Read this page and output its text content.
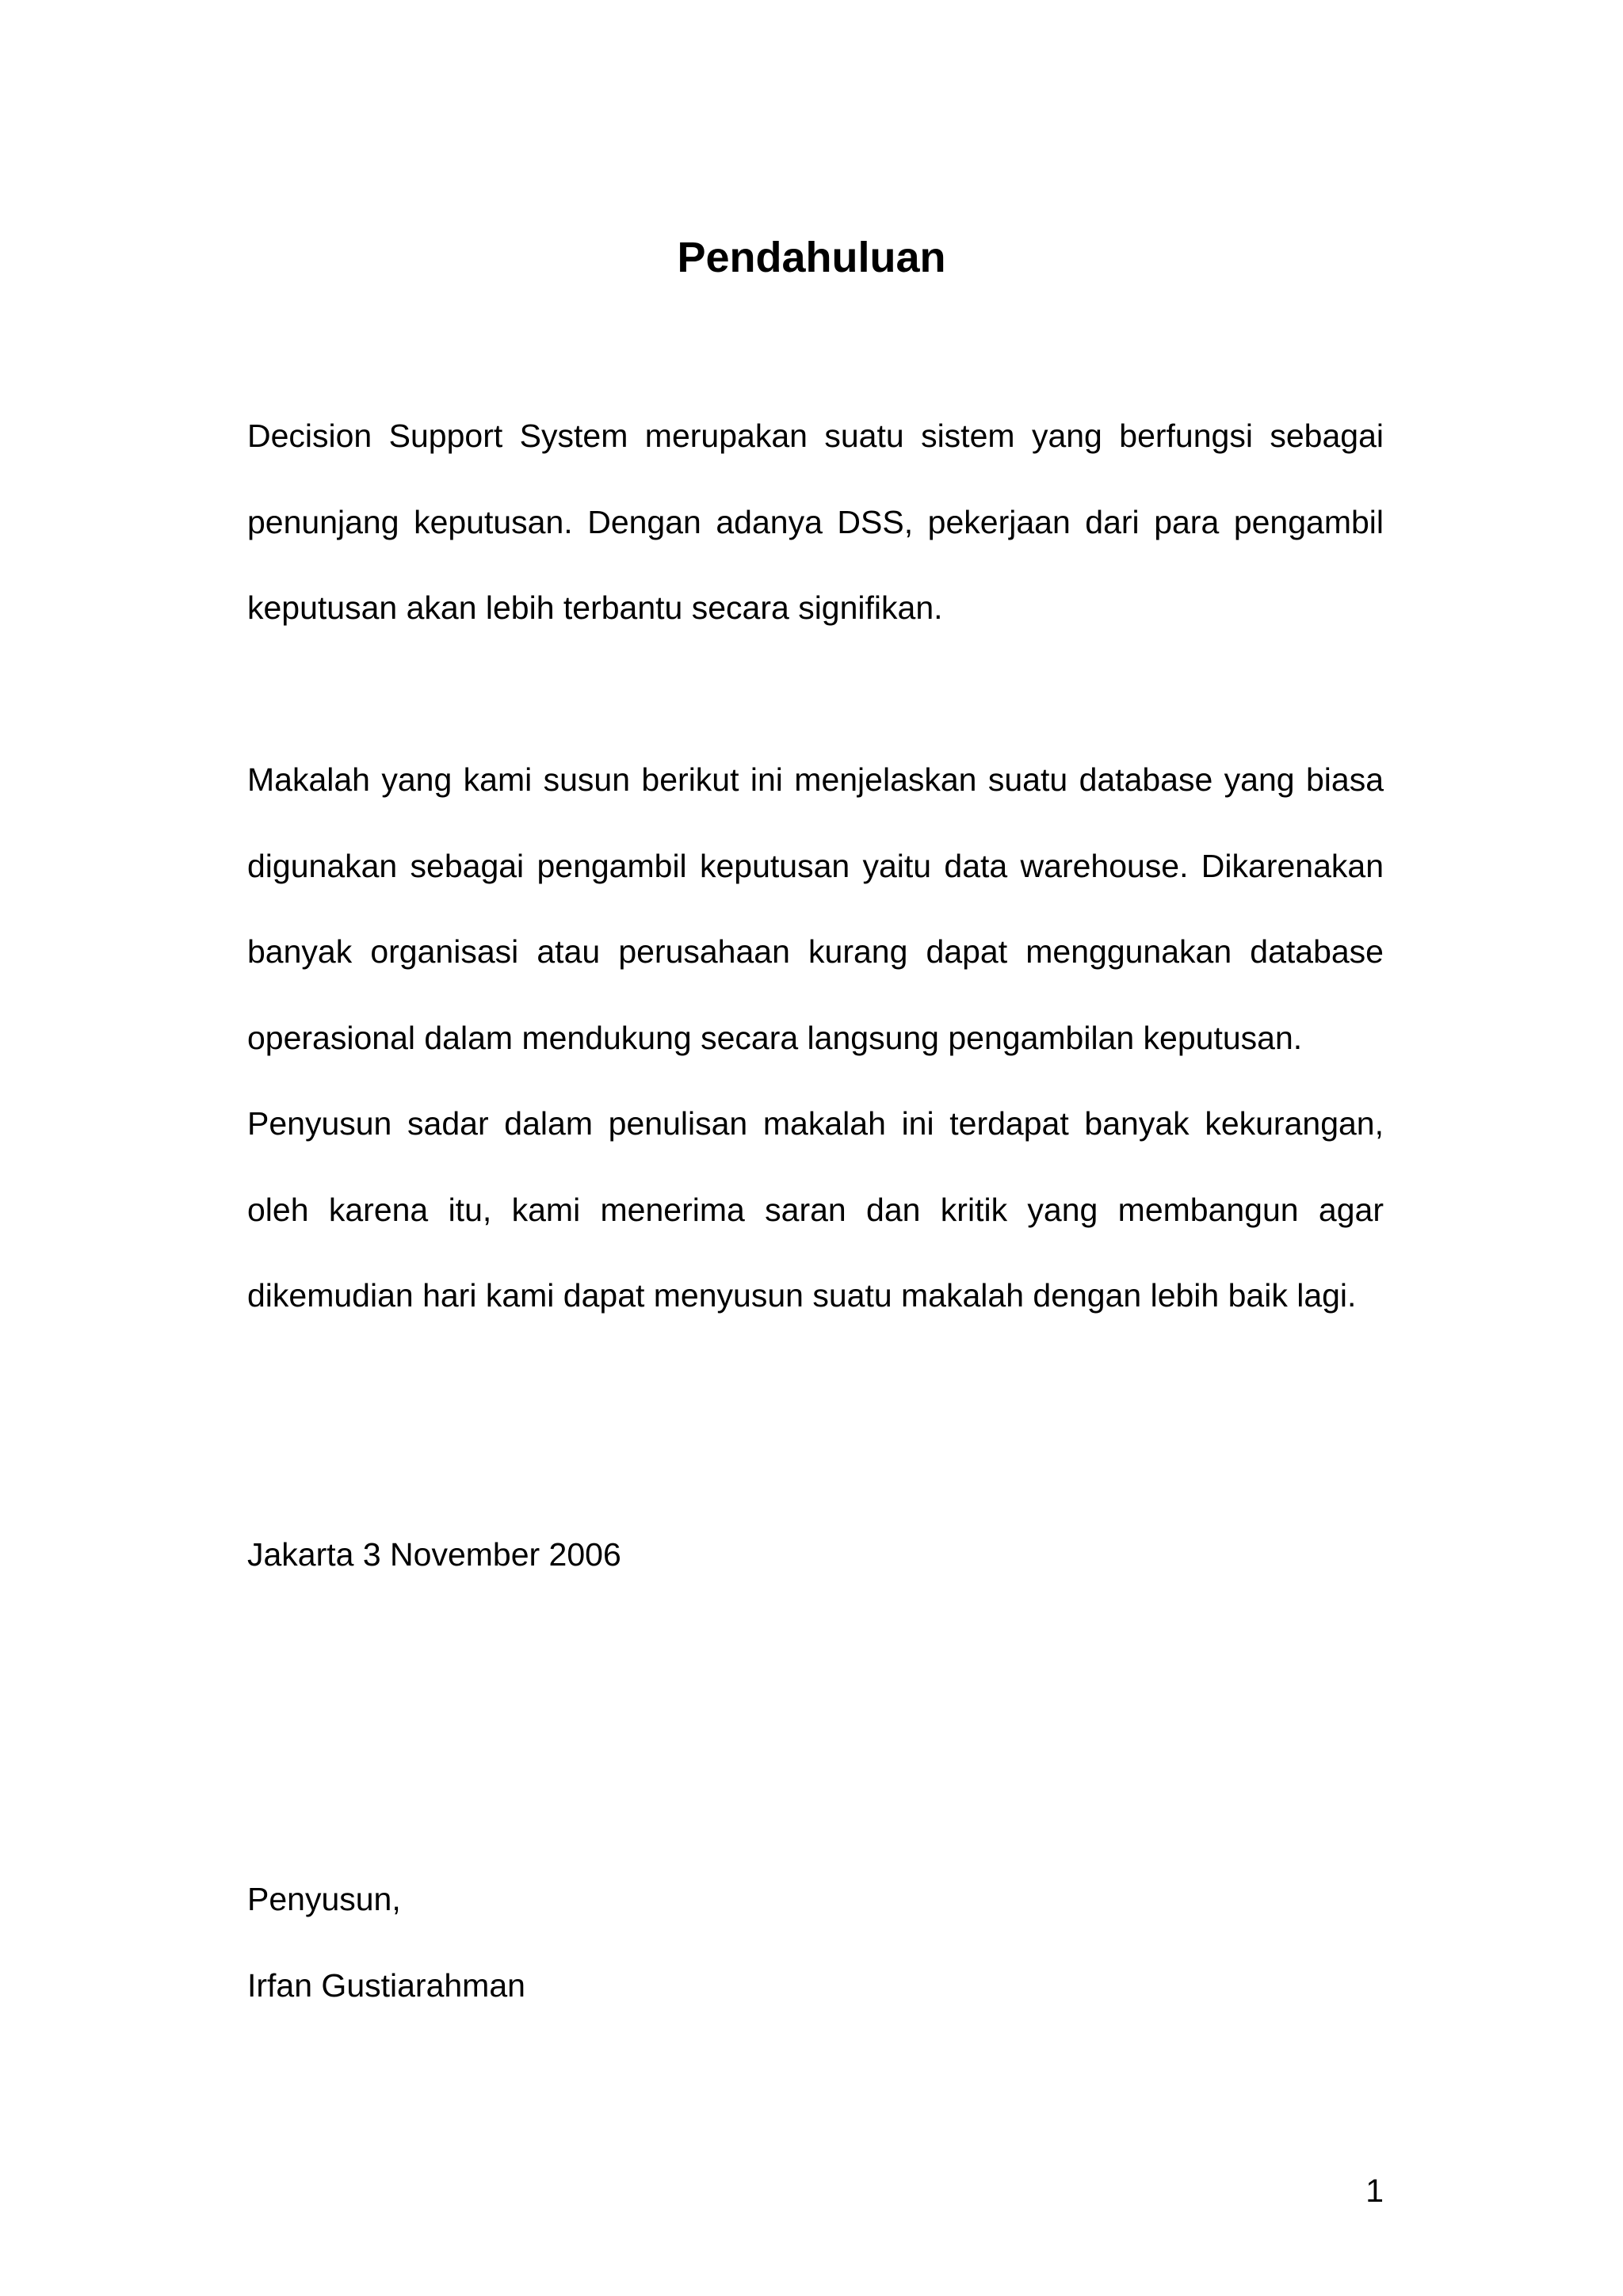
Pendahuluan

Decision Support System merupakan suatu sistem yang berfungsi sebagai penunjang keputusan. Dengan adanya DSS, pekerjaan dari para pengambil keputusan akan lebih terbantu secara signifikan.

Makalah yang kami susun berikut ini menjelaskan suatu database yang biasa digunakan sebagai pengambil keputusan yaitu data warehouse. Dikarenakan banyak organisasi atau perusahaan kurang dapat menggunakan database operasional dalam mendukung secara langsung pengambilan keputusan.

Penyusun sadar dalam penulisan makalah ini terdapat banyak kekurangan, oleh karena itu, kami menerima saran dan kritik yang membangun agar dikemudian hari kami dapat menyusun suatu makalah dengan lebih baik lagi.

Jakarta 3 November 2006

Penyusun,

Irfan Gustiarahman

1
